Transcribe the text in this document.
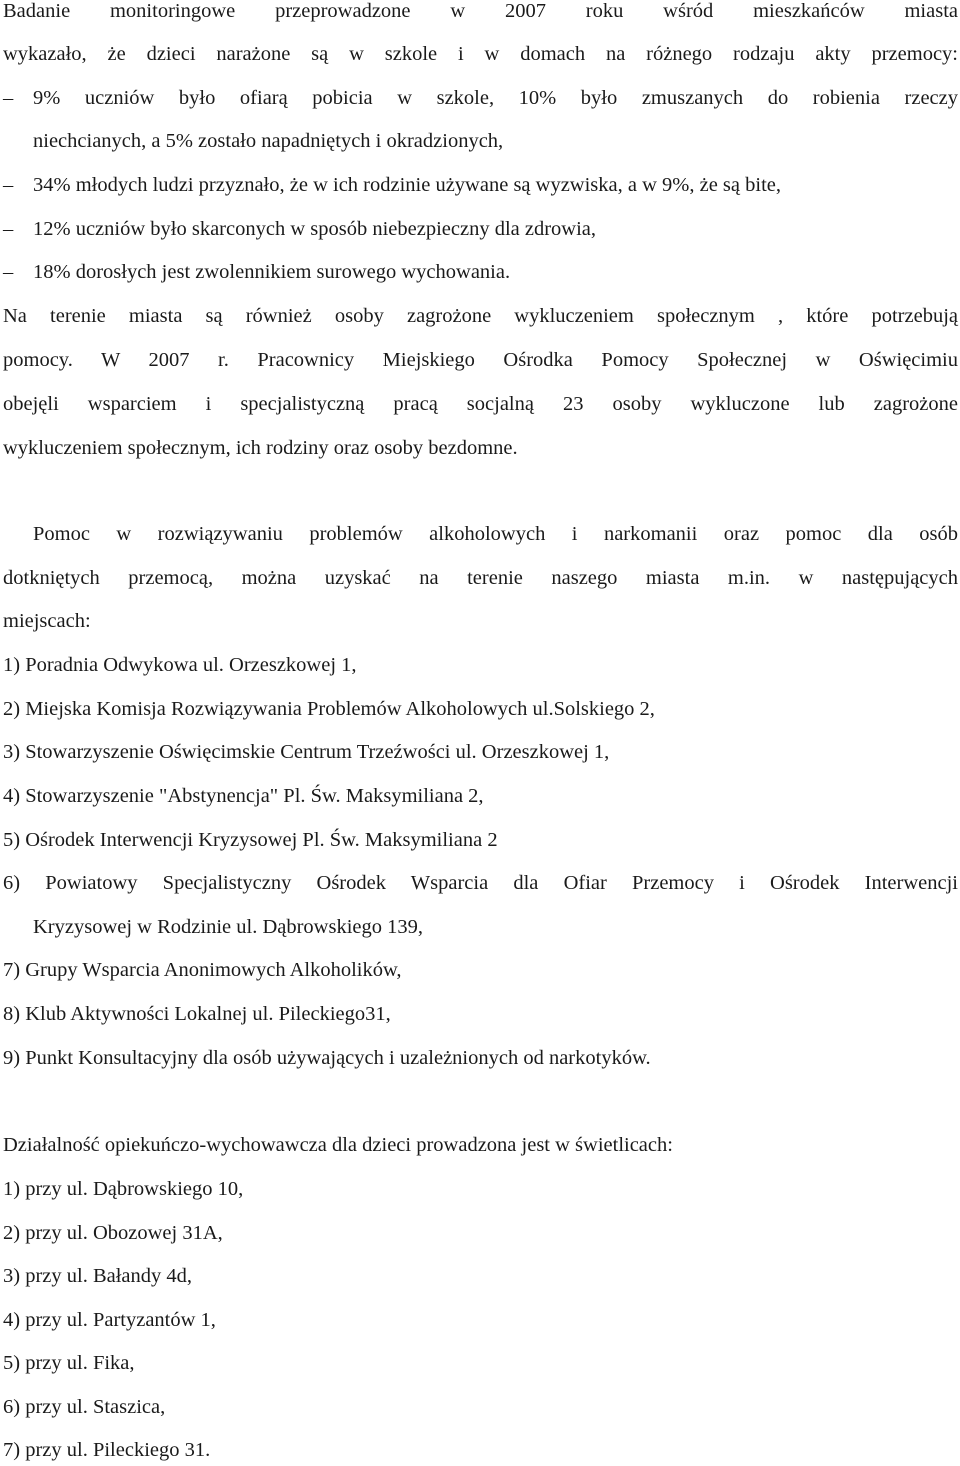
Badanie monitoringowe przeprowadzone w 2007 roku wśród mieszkańców miasta
wykazało, że dzieci narażone są w szkole i w domach na różnego rodzaju akty przemocy:
– 9% uczniów było ofiarą pobicia w szkole, 10% było zmuszanych do robienia rzeczy
niechcianych, a 5% zostało napadniętych i okradzionych,
– 34% młodych ludzi przyznało, że w ich rodzinie używane są wyzwiska, a w 9%, że są bite,
– 12% uczniów było skarconych w sposób niebezpieczny dla zdrowia,
– 18% dorosłych jest zwolennikiem surowego wychowania.
Na terenie miasta są również osoby zagrożone wykluczeniem społecznym , które potrzebują
pomocy. W 2007 r. Pracownicy Miejskiego Ośrodka Pomocy Społecznej w Oświęcimiu
obejęli wsparciem i specjalistyczną pracą socjalną 23 osoby wykluczone lub zagrożone
wykluczeniem społecznym, ich rodziny oraz osoby bezdomne.
Pomoc w rozwiązywaniu problemów alkoholowych i narkomanii oraz pomoc dla osób
dotkniętych przemocą, można uzyskać na terenie naszego miasta m.in. w następujących
miejscach:
1) Poradnia Odwykowa ul. Orzeszkowej 1,
2) Miejska Komisja Rozwiązywania Problemów Alkoholowych ul.Solskiego 2,
3) Stowarzyszenie Oświęcimskie Centrum Trzeźwości ul. Orzeszkowej 1,
4) Stowarzyszenie "Abstynencja" Pl. Św. Maksymiliana 2,
5) Ośrodek Interwencji Kryzysowej Pl. Św. Maksymiliana 2
6) Powiatowy Specjalistyczny Ośrodek Wsparcia dla Ofiar Przemocy i Ośrodek Interwencji
Kryzysowej w Rodzinie ul. Dąbrowskiego 139,
7) Grupy Wsparcia Anonimowych Alkoholików,
8) Klub Aktywności Lokalnej ul. Pileckiego31,
9) Punkt Konsultacyjny dla osób używających i uzależnionych od narkotyków.
Działalność opiekuńczo-wychowawcza dla dzieci prowadzona jest w świetlicach:
1) przy ul. Dąbrowskiego 10,
2) przy ul. Obozowej 31A,
3) przy ul. Bałandy 4d,
4) przy ul. Partyzantów 1,
5) przy ul. Fika,
6) przy ul. Staszica,
7) przy ul. Pileckiego 31.
